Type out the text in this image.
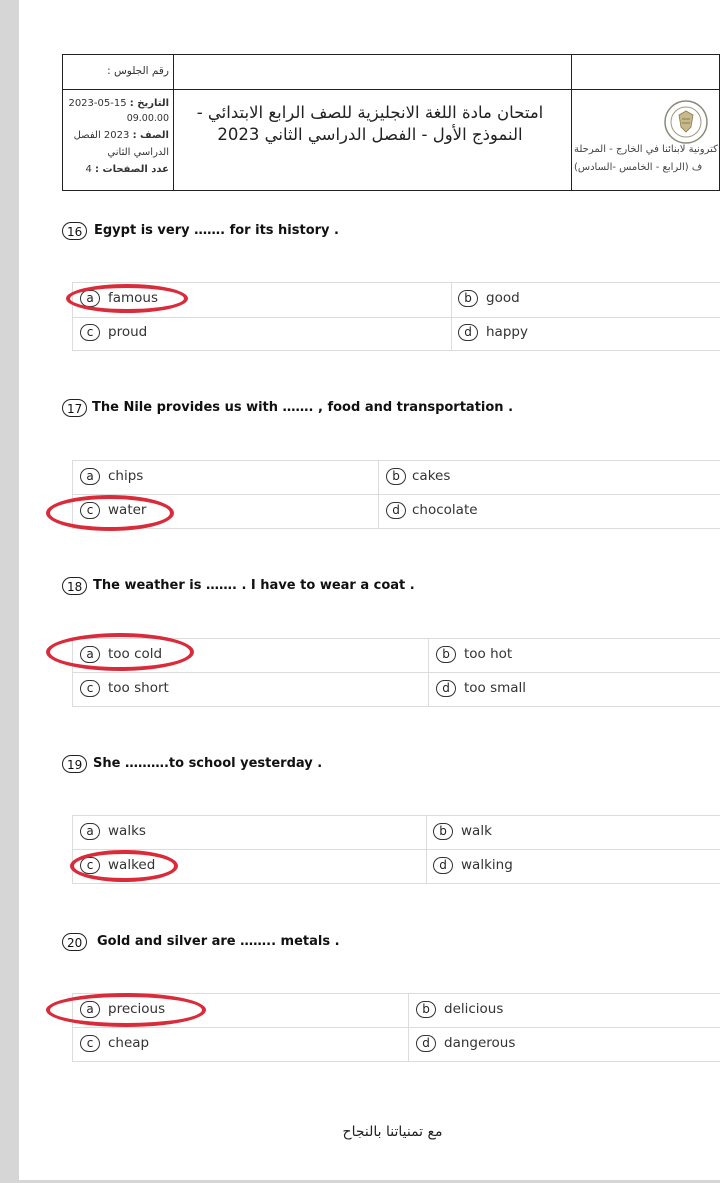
رقم الجلوس :
التاريخ : 15-05-2023
09.00.00
الصف : 2023 الفصل
الدراسي الثاني
عدد الصفحات : 4
امتحان مادة اللغة الانجليزية للصف الرابع الابتدائي -
النموذج الأول - الفصل الدراسي الثاني 2023
كترونية لابنائنا في الخارج - المرحلة
ف (الرابع - الخامس -السادس)
16 Egypt is very ……. for its history .
a	famous	b	good
c	proud	d	happy
17 The Nile provides us with ……. , food and transportation .
a	chips	b cakes
c	water	d chocolate
18 The weather is ……. . I have to wear a coat .
a	too cold	b	too hot
c	too short	d	too small
19 She ……….to school yesterday .
a	walks	b	walk
c	walked	d	walking
20	Gold and silver are …….. metals .
a	precious	b	delicious
c	cheap	d	dangerous
مع تمنياتنا بالنجاح
